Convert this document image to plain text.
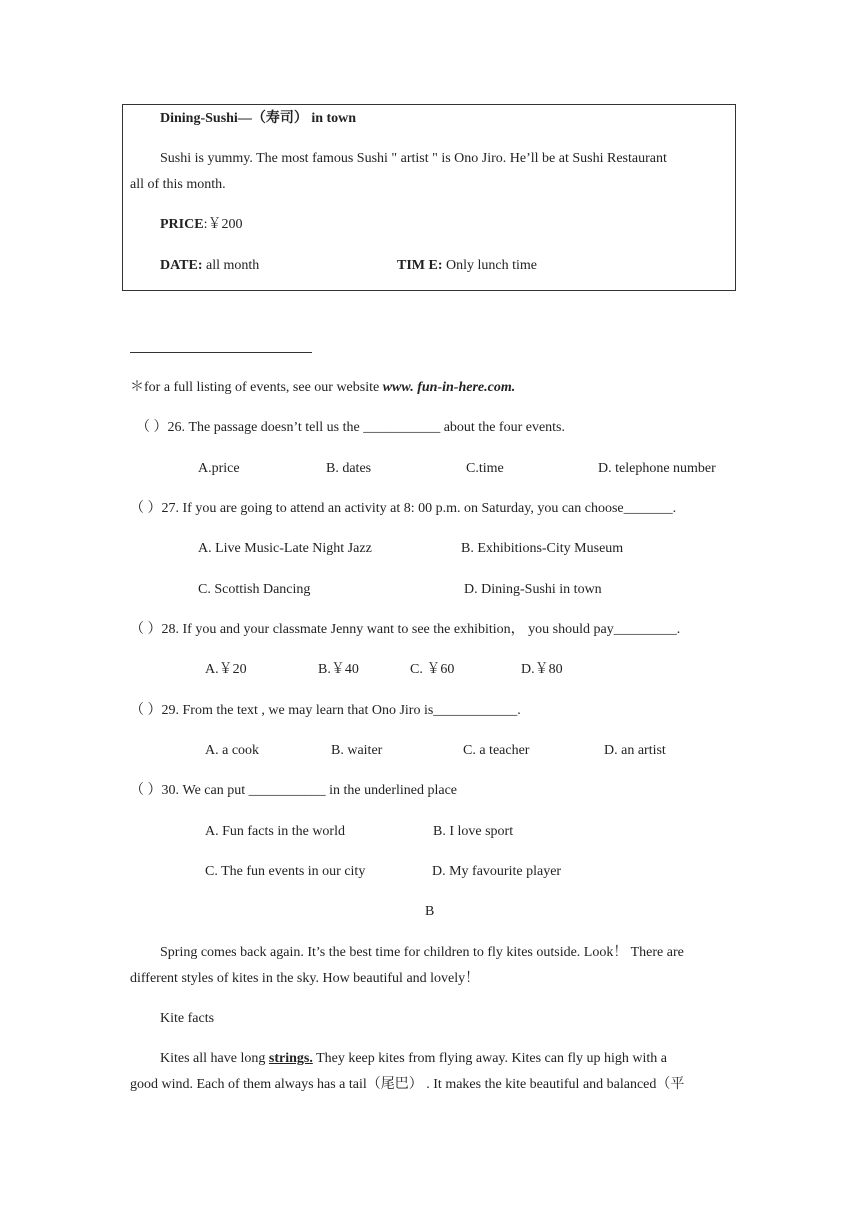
Dining-Sushi—（寿司） in town
Sushi is yummy. The most famous Sushi " artist " is Ono Jiro. He’ll be at Sushi Restaurant
all of this month.
PRICE:￥200
DATE: all month	TIM E: Only lunch time
＊for a full listing of events, see our website www. fun-in-here.com.
（ ）26. The passage doesn’t tell us the ___________ about the four events.
A.price	B. dates	C.time	D. telephone number
（ ）27. If you are going to attend an activity at 8: 00 p.m. on Saturday, you can choose_______.
A. Live Music-Late Night Jazz	B. Exhibitions-City Museum
C. Scottish Dancing	D. Dining-Sushi in town
（ ）28. If you and your classmate Jenny want to see the exhibition， you should pay_________.
A.￥20	B.￥40	C. ￥60	D.￥80
（ ）29. From the text , we may learn that Ono Jiro is____________.
A. a cook	B. waiter	C. a teacher	D. an artist
（ ）30. We can put ___________ in the underlined place
A. Fun facts in the world	B. I love sport
C. The fun events in our city	D. My favourite player
B
Spring comes back again. It’s the best time for children to fly kites outside. Look！ There are
different styles of kites in the sky. How beautiful and lovely！
Kite facts
Kites all have long strings. They keep kites from flying away. Kites can fly up high with a
good wind. Each of them always has a tail（尾巴） . It makes the kite beautiful and balanced（平
